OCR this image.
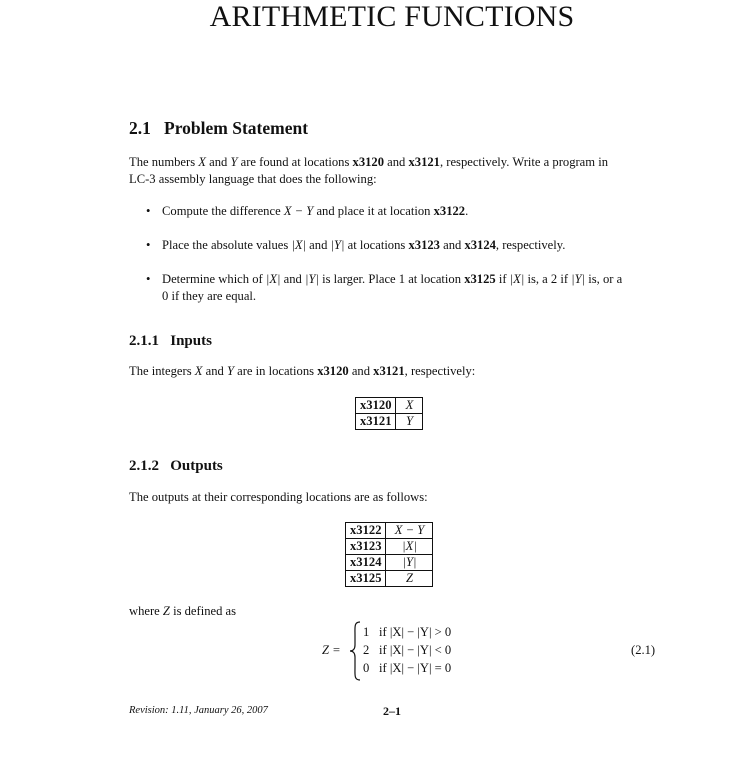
ARITHMETIC FUNCTIONS
2.1 Problem Statement
The numbers X and Y are found at locations x3120 and x3121, respectively. Write a program in
LC-3 assembly language that does the following:
• Compute the difference X − Y and place it at location x3122.
• Place the absolute values |X| and |Y| at locations x3123 and x3124, respectively.
• Determine which of |X| and |Y| is larger. Place 1 at location x3125 if |X| is, a 2 if |Y| is, or a
0 if they are equal.
2.1.1 Inputs
The integers X and Y are in locations x3120 and x3121, respectively:
x3120	X
x3121	Y
2.1.2 Outputs
The outputs at their corresponding locations are as follows:
x3122	X − Y
x3123	|X|
x3124	|Y|
x3125	Z
where Z is defined as
Z =
1 if |X| − |Y| > 0
2 if |X| − |Y| < 0
0 if |X| − |Y| = 0
(2.1)
Revision: 1.11, January 26, 2007	2–1
